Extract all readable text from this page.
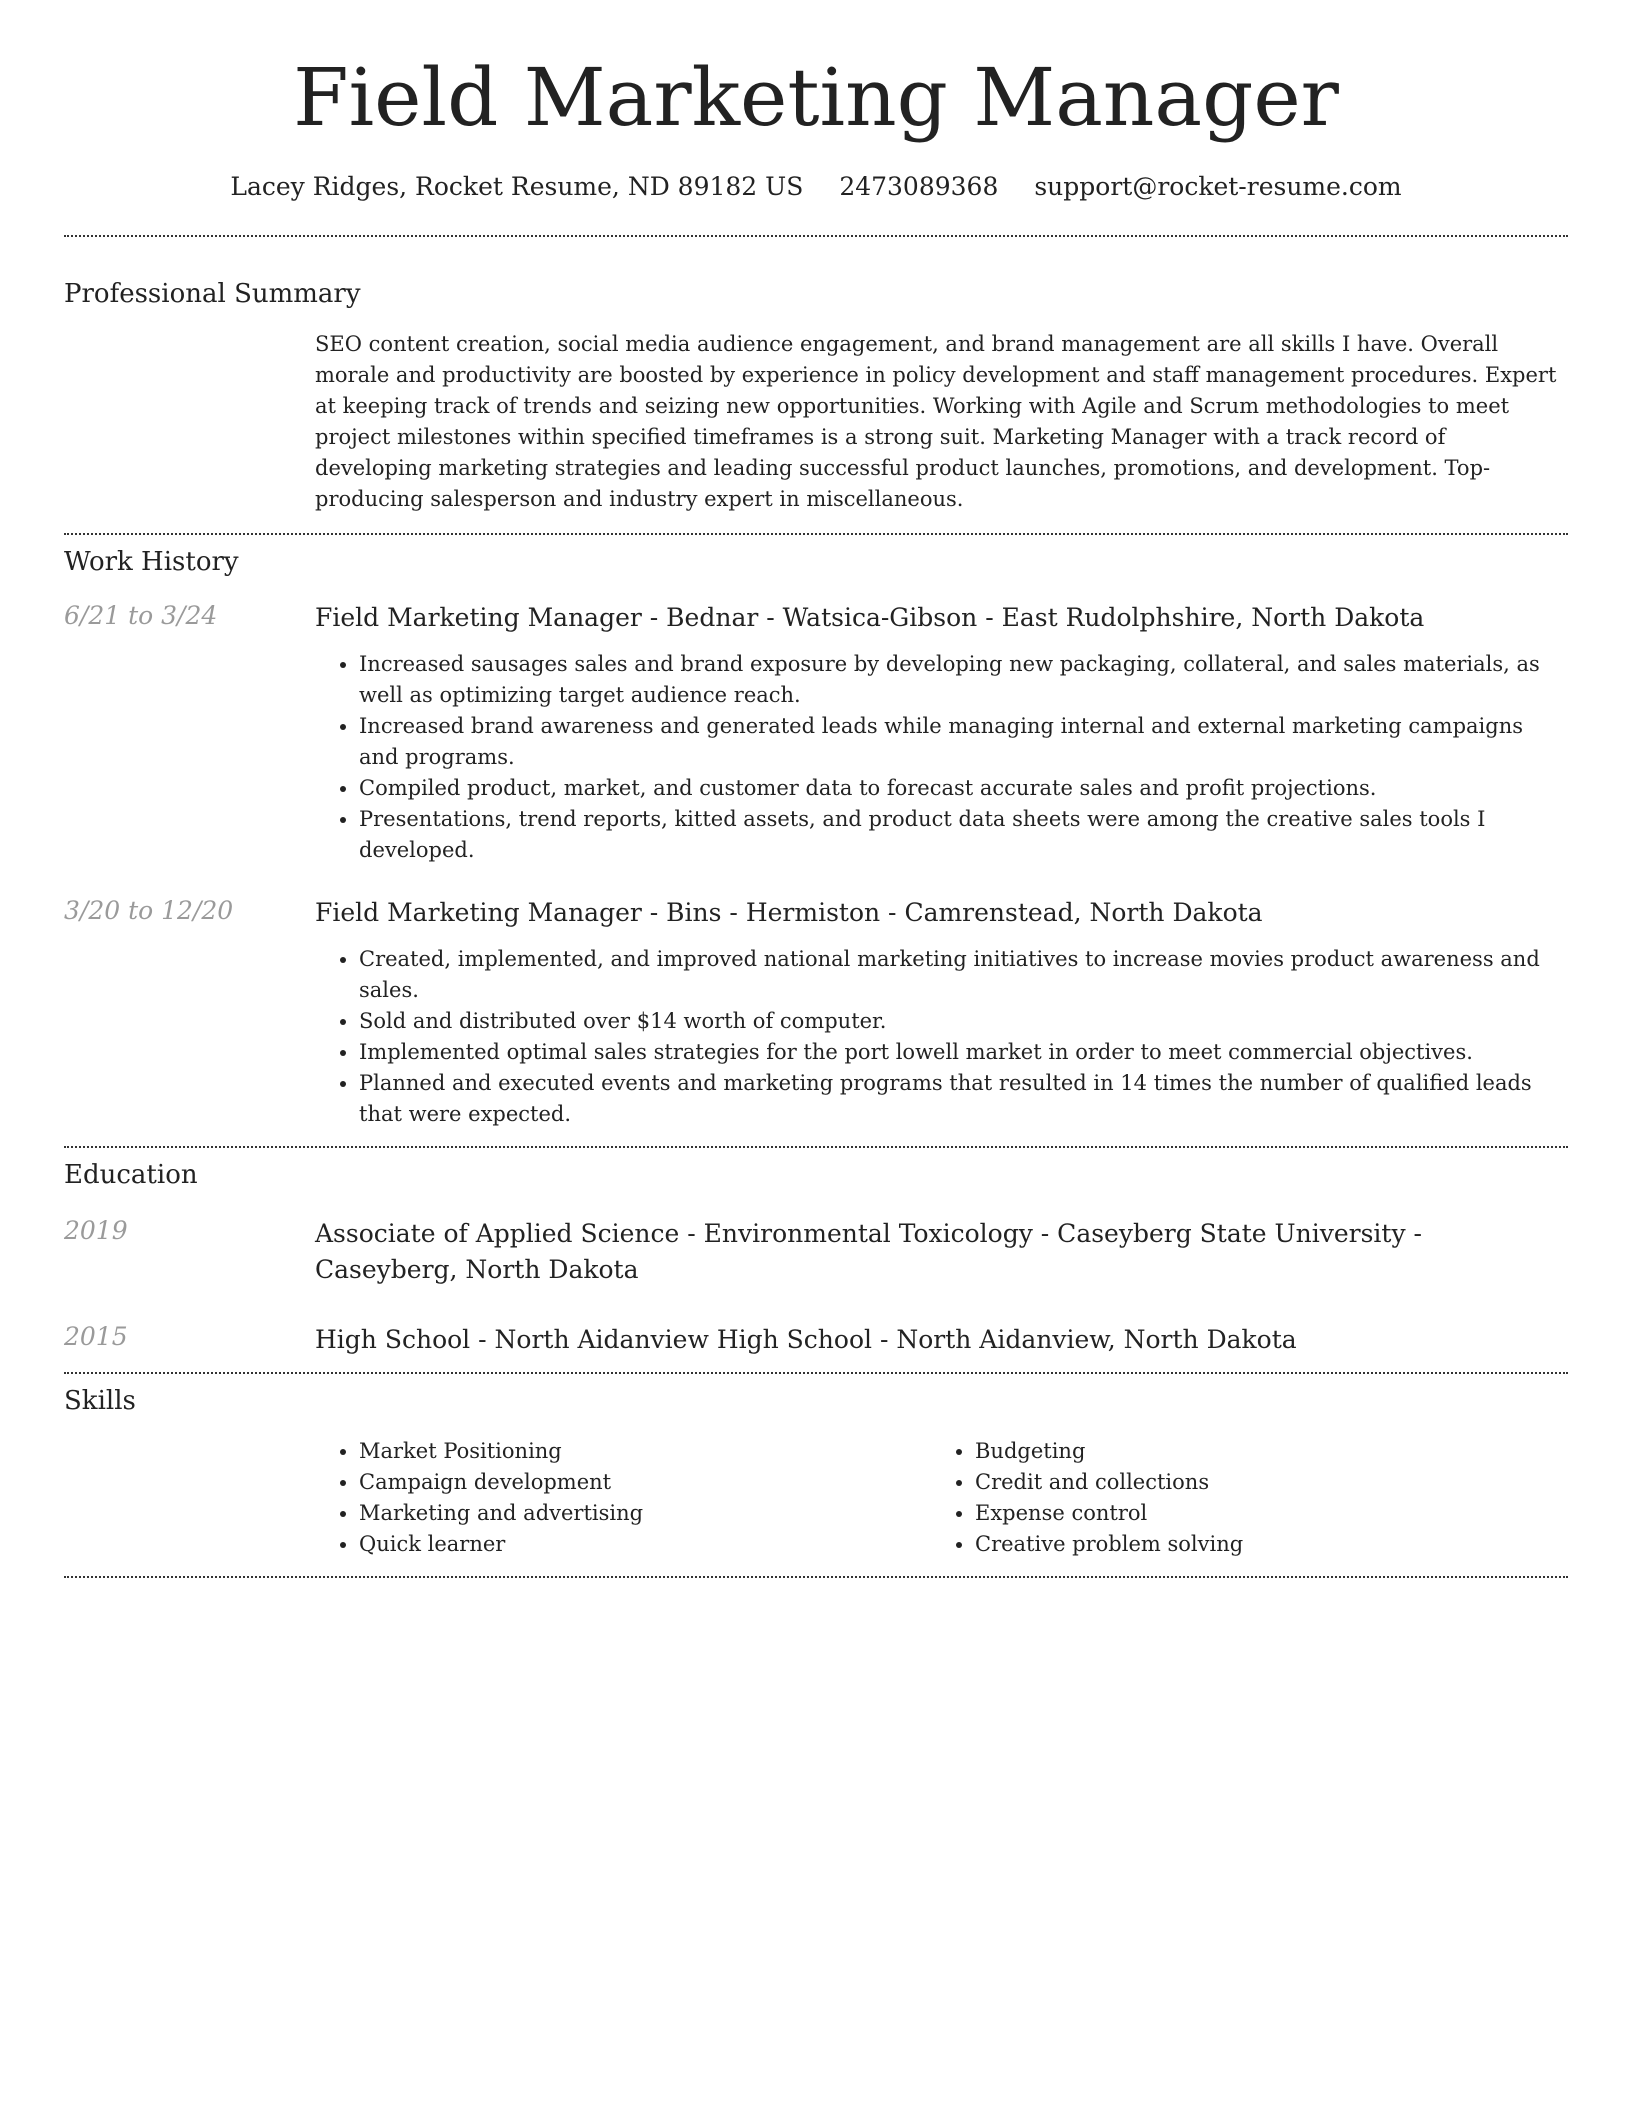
Field Marketing Manager
Lacey Ridges, Rocket Resume, ND 89182 US 2473089368 support@rocket-resume.com
Professional Summary
SEO content creation, social media audience engagement, and brand management are all skills I have. Overall morale and productivity are boosted by experience in policy development and staff management procedures. Expert at keeping track of trends and seizing new opportunities. Working with Agile and Scrum methodologies to meet project milestones within specified timeframes is a strong suit. Marketing Manager with a track record of developing marketing strategies and leading successful product launches, promotions, and development. Top-producing salesperson and industry expert in miscellaneous.
Work History
6/21 to 3/24	Field Marketing Manager - Bednar - Watsica-Gibson - East Rudolphshire, North Dakota
• Increased sausages sales and brand exposure by developing new packaging, collateral, and sales materials, as well as optimizing target audience reach.
• Increased brand awareness and generated leads while managing internal and external marketing campaigns and programs.
• Compiled product, market, and customer data to forecast accurate sales and profit projections.
• Presentations, trend reports, kitted assets, and product data sheets were among the creative sales tools I developed.
3/20 to 12/20	Field Marketing Manager - Bins - Hermiston - Camrenstead, North Dakota
• Created, implemented, and improved national marketing initiatives to increase movies product awareness and sales.
• Sold and distributed over $14 worth of computer.
• Implemented optimal sales strategies for the port lowell market in order to meet commercial objectives.
• Planned and executed events and marketing programs that resulted in 14 times the number of qualified leads that were expected.
Education
2019	Associate of Applied Science - Environmental Toxicology - Caseyberg State University - Caseyberg, North Dakota
2015	High School - North Aidanview High School - North Aidanview, North Dakota
Skills
• Market Positioning
• Campaign development
• Marketing and advertising
• Quick learner
• Budgeting
• Credit and collections
• Expense control
• Creative problem solving
